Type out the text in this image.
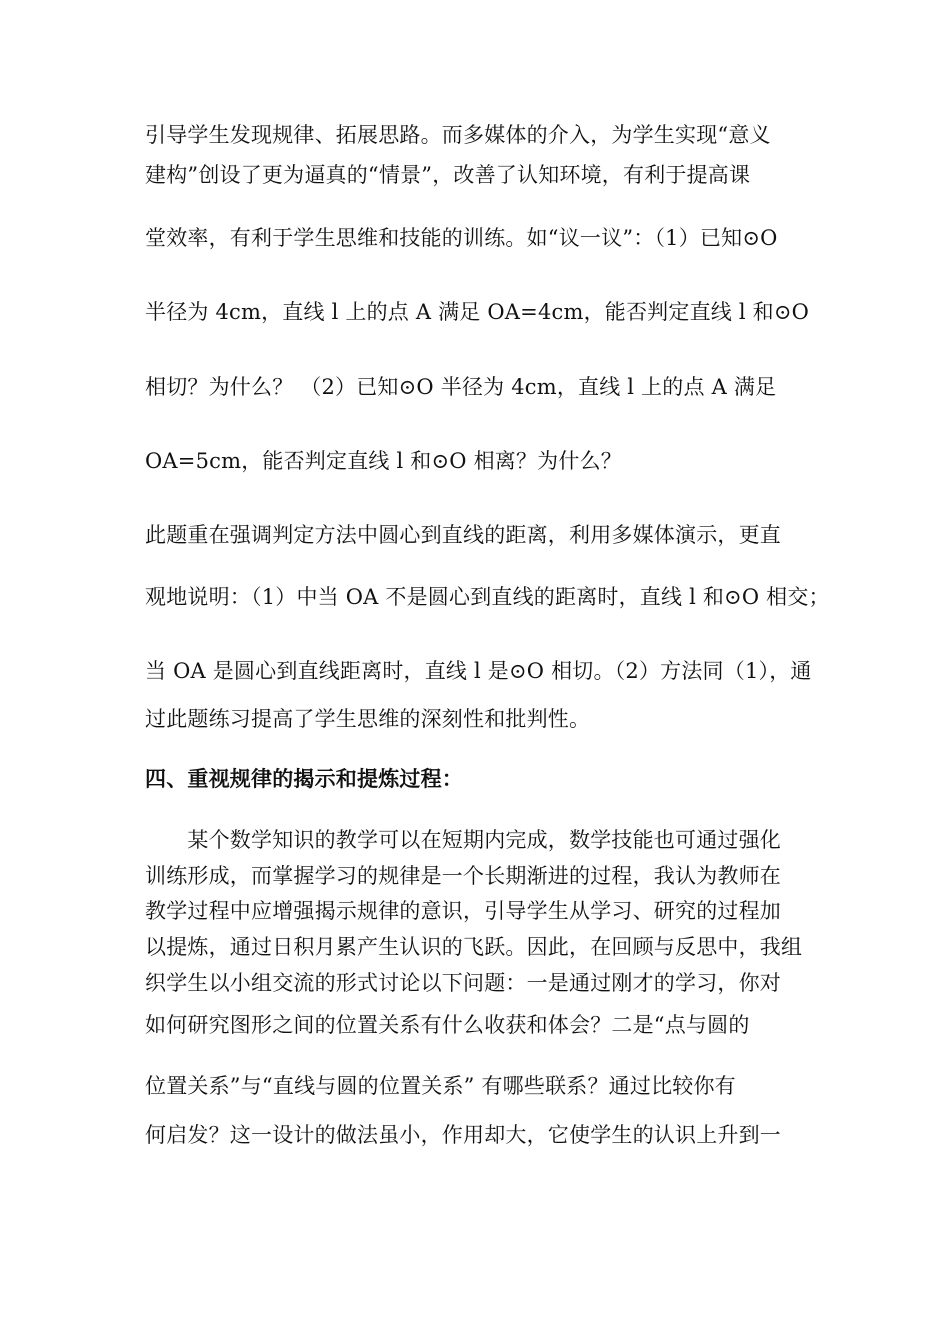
引导学生发现规律、拓展思路。而多媒体的介入，为学生实现“意义
建构”创设了更为逼真的“情景”，改善了认知环境，有利于提高课
堂效率，有利于学生思维和技能的训练。如“议一议”：（1）已知⊙O
半径为 4cm，直线 l 上的点 A 满足 OA=4cm，能否判定直线 l 和⊙O
相切？为什么？ （2）已知⊙O 半径为 4cm，直线 l 上的点 A 满足
OA=5cm，能否判定直线 l 和⊙O 相离？为什么？
此题重在强调判定方法中圆心到直线的距离，利用多媒体演示，更直
观地说明：（1）中当 OA 不是圆心到直线的距离时，直线 l 和⊙O 相交；
当 OA 是圆心到直线距离时，直线 l 是⊙O 相切。（2）方法同（1），通
过此题练习提高了学生思维的深刻性和批判性。
四、重视规律的揭示和提炼过程：
　　某个数学知识的教学可以在短期内完成，数学技能也可通过强化
训练形成，而掌握学习的规律是一个长期渐进的过程，我认为教师在
教学过程中应增强揭示规律的意识，引导学生从学习、研究的过程加
以提炼，通过日积月累产生认识的飞跃。因此，在回顾与反思中，我组
织学生以小组交流的形式讨论以下问题：一是通过刚才的学习，你对
如何研究图形之间的位置关系有什么收获和体会？二是“点与圆的
位置关系”与“直线与圆的位置关系” 有哪些联系？通过比较你有
何启发？这一设计的做法虽小，作用却大，它使学生的认识上升到一
